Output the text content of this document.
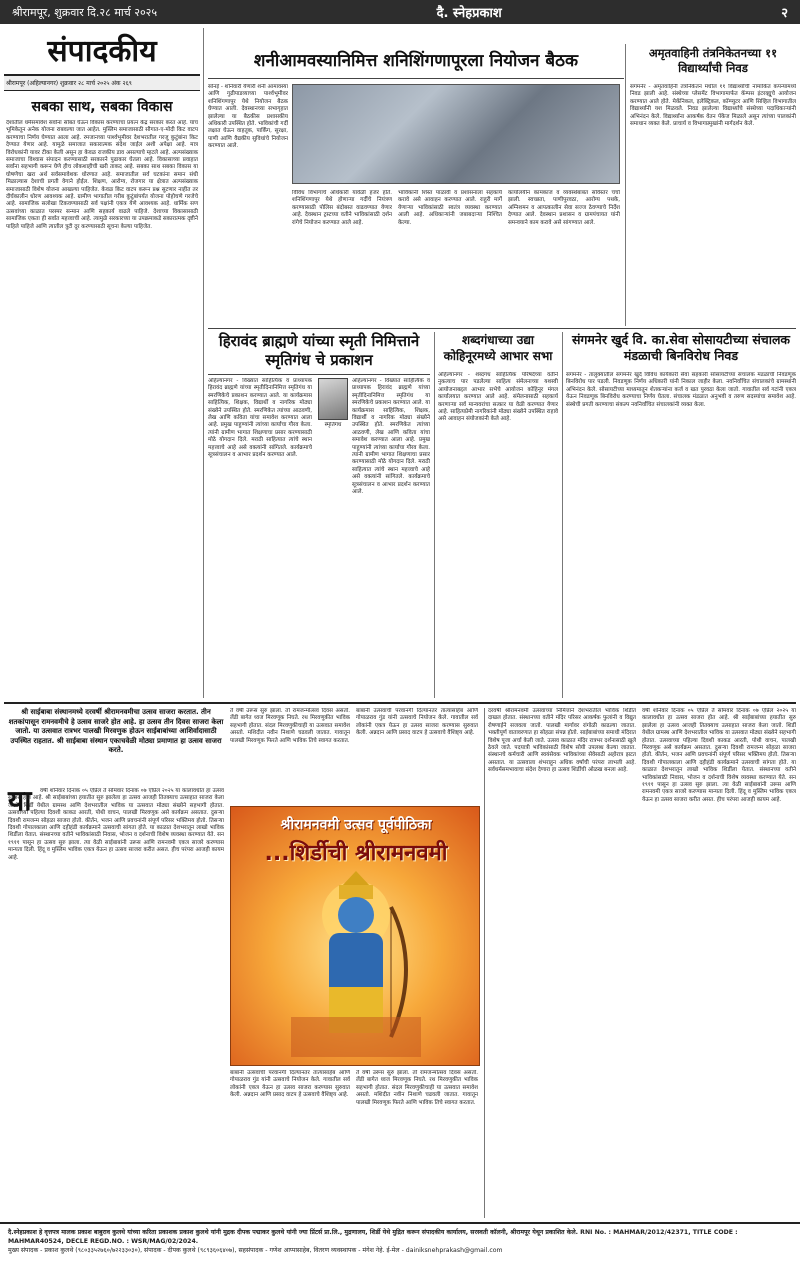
श्रीरामपूर, शुक्रवार दि.२८ मार्च २०२५	दै. स्नेहप्रकाश	२
संपादकीय
श्रीरामपूर (अहिल्यानगर) शुक्रवार २८ मार्च २०२५ अंक २६९
सबका साथ, सबका विकास
देशातील धर्मसमावेश सर्वांना सोबत घेऊन विकास करण्याचा प्रयत्न केंद्र सरकार करत आहे. याच भूमिकेतून अनेक योजना राबवल्या जात आहेत. मुस्लिम समाजासाठी सौगात-ए-मोदी किट वाटप करण्याचा निर्णय घेण्यात आला आहे. रमजानच्या पार्श्वभूमीवर देशभरातील गरजू कुटुंबांना किट देण्यात येणार आहे. यामुळे समाजात सकारात्मक संदेश जाईल अशी अपेक्षा आहे. मात्र विरोधकांनी यावर टीका केली असून हा केवळ राजकीय डाव असल्याचे म्हटले आहे. अल्पसंख्याक समाजाचा विश्वास संपादन करण्यासाठी सरकारने पुढाकार घेतला आहे. विकासाच्या प्रवाहात सर्वांना सहभागी करून घेणे हीच लोकशाहीची खरी ताकद आहे. सबका साथ सबका विकास या घोषणेचा खरा अर्थ सर्वसमावेशक धोरणात आहे. समाजातील सर्व घटकांना समान संधी मिळाल्यास देशाची प्रगती वेगाने होईल. शिक्षण, आरोग्य, रोजगार या क्षेत्रात अल्पसंख्याक समाजासाठी विशेष योजना आखल्या पाहिजेत. केवळ किट वाटप करून प्रश्न सुटणार नाहीत तर दीर्घकालीन धोरण आवश्यक आहे. ग्रामीण भागातील गरीब कुटुंबांपर्यंत योजना पोहोचणे गरजेचे आहे. सामाजिक सलोखा टिकवण्यासाठी सर्व पक्षांनी एकत्र येणे आवश्यक आहे. धार्मिक सण उत्सवांच्या काळात परस्पर सन्मान आणि सहकार्य वाढले पाहिजे. देशाच्या विकासासाठी सामाजिक एकता ही सर्वात महत्त्वाची आहे. त्यामुळे सरकारच्या या उपक्रमाकडे सकारात्मक दृष्टीने पाहिले पाहिजे आणि त्यातील त्रुटी दूर करण्यासाठी सूचना केल्या पाहिजेत.
शनीआमवस्यानिमित्त शनिशिंगणापूरला नियोजन बैठक
सोनई - शनिवारी येणारी शनी आमावस्या आणि गुढीपाडव्याच्या पार्श्वभूमीवर शनिशिंगणापूर येथे नियोजन बैठक घेण्यात आली. देवस्थानच्या सभागृहात झालेल्या या बैठकीस प्रशासकीय अधिकारी उपस्थित होते. भाविकांची गर्दी लक्षात घेऊन वाहतूक, पार्किंग, सुरक्षा, पाणी आणि वैद्यकीय सुविधांचे नियोजन करण्यात आले.
विविध विभागांचे अधिकारी यावेळी हजर होते. शनिशिंगणापूर येथे होणाऱ्या गर्दीचे नियंत्रण करण्यासाठी पोलिस बंदोबस्त वाढवण्यात येणार आहे. देवस्थान ट्रस्टच्या वतीने भाविकांसाठी दर्शन रांगेचे नियोजन करण्यात आले आहे.
भाविकांनी शिस्त पाळावी व प्रशासनाला सहकार्य करावे असे आवाहन करण्यात आले. राहुरी मार्गे येणाऱ्या भाविकांसाठी स्वतंत्र व्यवस्था करण्यात आली आहे. अधिकाऱ्यांनी जबाबदाऱ्या निश्चित केल्या.
कार्यालयीन कामकाज व व्यवस्थेबाबत सविस्तर चर्चा झाली. स्वच्छता, पाणीपुरवठा, आरोग्य पथके, अग्निशमन व आपत्कालीन सेवा सज्ज ठेवण्याचे निर्देश देण्यात आले. देवस्थान प्रशासन व ग्रामपंचायत यांनी समन्वयाने काम करावे असे सांगण्यात आले.
अमृतवाहिनी तंत्रनिकेतनच्या ११ विद्यार्थ्यांची निवड
संगमनेर - अमृतवाहिनी तंत्रनिकेतन मधील ११ विद्यार्थ्यांची नामांकित कंपन्यांमध्ये निवड झाली आहे. संस्थेच्या प्लेसमेंट विभागामार्फत कॅम्पस इंटरव्ह्यूचे आयोजन करण्यात आले होते. मेकॅनिकल, इलेक्ट्रिकल, कॉम्प्युटर आणि सिव्हिल विभागातील विद्यार्थ्यांनी यश मिळवले. निवड झालेल्या विद्यार्थ्यांचे संस्थेच्या पदाधिकाऱ्यांनी अभिनंदन केले. विद्यार्थ्यांना आकर्षक वेतन पॅकेज मिळाले असून त्यांच्या पालकांनी समाधान व्यक्त केले. प्राचार्य व विभागप्रमुखांनी मार्गदर्शन केले.
हिरावंद ब्राह्मणे यांच्या स्मृती निमित्ताने स्मृतिगंध चे प्रकाशन
अहिल्यानगर - विख्यात साहित्यिक व प्राध्यापक हिरावंद ब्राह्मणे यांच्या स्मृतीदिनानिमित्त स्मृतिगंध या स्मरणिकेचे प्रकाशन करण्यात आले. या कार्यक्रमास साहित्यिक, शिक्षक, विद्यार्थी व नागरिक मोठ्या संख्येने उपस्थित होते. स्मरणिकेत त्यांच्या आठवणी, लेख आणि कविता यांचा समावेश करण्यात आला आहे. प्रमुख पाहुण्यांनी त्यांच्या कार्याचा गौरव केला. त्यांनी ग्रामीण भागात शिक्षणाचा प्रसार करण्यासाठी मोठे योगदान दिले. मराठी साहित्यात त्यांचे स्थान महत्त्वाचे आहे असे वक्त्यांनी सांगितले. कार्यक्रमाचे सूत्रसंचालन व आभार प्रदर्शन करण्यात आले.
स्मृतिगंध
अहिल्यानगर - विख्यात साहित्यिक व प्राध्यापक हिरावंद ब्राह्मणे यांच्या स्मृतीदिनानिमित्त स्मृतिगंध या स्मरणिकेचे प्रकाशन करण्यात आले. या कार्यक्रमास साहित्यिक, शिक्षक, विद्यार्थी व नागरिक मोठ्या संख्येने उपस्थित होते. स्मरणिकेत त्यांच्या आठवणी, लेख आणि कविता यांचा समावेश करण्यात आला आहे. प्रमुख पाहुण्यांनी त्यांच्या कार्याचा गौरव केला. त्यांनी ग्रामीण भागात शिक्षणाचा प्रसार करण्यासाठी मोठे योगदान दिले. मराठी साहित्यात त्यांचे स्थान महत्त्वाचे आहे असे वक्त्यांनी सांगितले. कार्यक्रमाचे सूत्रसंचालन व आभार प्रदर्शन करण्यात आले.
शब्दगंधाच्या उद्या कोहिनूरमध्ये आभार सभा
अहिल्यानगर - शब्दगंध साहित्यिक परिषदेच्या वतीने नुकत्याच पार पडलेल्या साहित्य संमेलनाच्या यशस्वी आयोजनाबद्दल आभार सभेचे आयोजन कोहिनूर मंगल कार्यालयात करण्यात आले आहे. संमेलनासाठी सहकार्य करणाऱ्या सर्व मान्यवरांचा सत्कार या वेळी करण्यात येणार आहे. साहित्यप्रेमी नागरिकांनी मोठ्या संख्येने उपस्थित राहावे असे आवाहन संयोजकांनी केले आहे.
संगमनेर खुर्द वि. का.सेवा सोसायटीच्या संचालक मंडळाची बिनविरोध निवड
संगमनेर - तालुक्यातील संगमनेर खुर्द विविध कार्यकारी सेवा सहकारी सोसायटीच्या संचालक मंडळाची निवडणूक बिनविरोध पार पडली. निवडणूक निर्णय अधिकारी यांनी निकाल जाहीर केला. नवनिर्वाचित संचालकांचे ग्रामस्थांनी अभिनंदन केले. सोसायटीच्या माध्यमातून शेतकऱ्यांना कर्ज व खत पुरवठा केला जातो. गावातील सर्व गटांनी एकत्र येऊन निवडणूक बिनविरोध करण्याचा निर्णय घेतला. संचालक मंडळात अनुभवी व तरुण सदस्यांचा समावेश आहे. संस्थेची प्रगती करण्याचा संकल्प नवनिर्वाचित संचालकांनी व्यक्त केला.
श्री साईबाबा संस्थानमध्ये दरवर्षी श्रीरामनवमीचा उत्सव साजरा करतात. तीन शतकांपासून रामनवमीचे हे उत्सव साजरे होत आहे. हा उत्सव तीन दिवस साजरा केला जातो. या उत्सवात रात्रभर पालखी मिरवणुक होऊन साईबाबांच्या आशिर्वादासाठी उपस्थित राहतात. श्री साईबाबा संस्थान एकाचवेळी मोठ्या प्रमाणात हा उत्सव साजरा करते.
या	वर्षी शनिवार दिनांक ०५ एप्रिल ते सोमवार दिनांक ०७ एप्रिल २०२५ या कालावधीत हा उत्सव साजरा होत आहे. श्री साईबाबांच्या हयातीत सुरु झालेला हा उत्सव आजही तितक्याच उत्साहात साजरा केला जातो. शिर्डी येथील ग्रामस्थ आणि देशभरातील भाविक या उत्सवात मोठ्या संख्येने सहभागी होतात. उत्सवाच्या पहिल्या दिवशी काकड आरती, पोथी वाचन, पालखी मिरवणूक असे कार्यक्रम असतात. दुसऱ्या दिवशी रामजन्म सोहळा साजरा होतो. कीर्तन, भजन आणि प्रवचनांनी संपूर्ण परिसर भक्तिमय होतो. तिसऱ्या दिवशी गोपालकाला आणि दहीहंडी कार्यक्रमाने उत्सवाची सांगता होते. या काळात देशभरातून लाखो भाविक शिर्डीला येतात. संस्थानच्या वतीने भाविकांसाठी निवास, भोजन व दर्शनाची विशेष व्यवस्था करण्यात येते. सन १९११ पासून हा उत्सव सुरु झाला. त्या वेळी साईबाबांनी उरूस आणि रामनवमी एकत्र साजरे करण्यास मान्यता दिली. हिंदू व मुस्लिम भाविक एकत्र येऊन हा उत्सव साजरा करीत असत. हीच परंपरा आजही कायम आहे.
ते वर्षी उरूस सुरु झाला. तो रामजन्मोत्सव दिवस असतो. लेंडी बागेत ध्वज मिरवणूक निघते. रथ मिरवणुकीत भाविक सहभागी होतात. संदल मिरवणुकीचाही या उत्सवात समावेश असतो. मशिदीत नवीन निशाणे चढवली जातात. गावातून पालखी मिरवणूक फिरते आणि भाविक तिचे स्वागत करतात.
बाबांनी उत्सवाची परवानगी दिल्यानंतर तात्यासाहेब आणि गोपाळराव गुंड यांनी उत्सवाचे नियोजन केले. गावातील सर्व लोकांनी एकत्र येऊन हा उत्सव साजरा करण्यास सुरुवात केली. अन्नदान आणि प्रसाद वाटप हे उत्सवाचे वैशिष्ट्य आहे.
श्रीरामनवमी उत्सव पूर्वपीठिका
...शिर्डीची श्रीरामनवमी
बाबांनी उत्सवाची परवानगी दिल्यानंतर तात्यासाहेब आणि गोपाळराव गुंड यांनी उत्सवाचे नियोजन केले. गावातील सर्व लोकांनी एकत्र येऊन हा उत्सव साजरा करण्यास सुरुवात केली. अन्नदान आणि प्रसाद वाटप हे उत्सवाचे वैशिष्ट्य आहे.
ते वर्षी उरूस सुरु झाला. तो रामजन्मोत्सव दिवस असतो. लेंडी बागेत ध्वज मिरवणूक निघते. रथ मिरवणुकीत भाविक सहभागी होतात. संदल मिरवणुकीचाही या उत्सवात समावेश असतो. मशिदीत नवीन निशाणे चढवली जातात. गावातून पालखी मिरवणूक फिरते आणि भाविक तिचे स्वागत करतात.
दरवर्षी श्रीरामनवमी उत्सवाच्या निमित्ताने देशभरातील भाविक शिर्डीत दाखल होतात. संस्थानच्या वतीने मंदिर परिसर आकर्षक फुलांनी व विद्युत रोषणाईने सजवला जातो. पालखी मार्गावर रांगोळी काढल्या जातात. भक्तीपूर्ण वातावरणात हा सोहळा संपन्न होतो. साईबाबांच्या समाधी मंदिरात विशेष पूजा अर्चा केली जाते. उत्सव काळात मंदिर रात्रभर दर्शनासाठी खुले ठेवले जाते. पदयात्री भाविकांसाठी विशेष सोयी उपलब्ध केल्या जातात. संस्थानचे कर्मचारी आणि स्वयंसेवक भाविकांच्या सेवेसाठी अहोरात्र झटत असतात. या उत्सवाला शंभराहून अधिक वर्षांची परंपरा लाभली आहे. सर्वधर्मसमभावाचा संदेश देणारा हा उत्सव शिर्डीची ओळख बनला आहे.
वर्षी शनिवार दिनांक ०५ एप्रिल ते सोमवार दिनांक ०७ एप्रिल २०२५ या कालावधीत हा उत्सव साजरा होत आहे. श्री साईबाबांच्या हयातीत सुरु झालेला हा उत्सव आजही तितक्याच उत्साहात साजरा केला जातो. शिर्डी येथील ग्रामस्थ आणि देशभरातील भाविक या उत्सवात मोठ्या संख्येने सहभागी होतात. उत्सवाच्या पहिल्या दिवशी काकड आरती, पोथी वाचन, पालखी मिरवणूक असे कार्यक्रम असतात. दुसऱ्या दिवशी रामजन्म सोहळा साजरा होतो. कीर्तन, भजन आणि प्रवचनांनी संपूर्ण परिसर भक्तिमय होतो. तिसऱ्या दिवशी गोपालकाला आणि दहीहंडी कार्यक्रमाने उत्सवाची सांगता होते. या काळात देशभरातून लाखो भाविक शिर्डीला येतात. संस्थानच्या वतीने भाविकांसाठी निवास, भोजन व दर्शनाची विशेष व्यवस्था करण्यात येते. सन १९११ पासून हा उत्सव सुरु झाला. त्या वेळी साईबाबांनी उरूस आणि रामनवमी एकत्र साजरे करण्यास मान्यता दिली. हिंदू व मुस्लिम भाविक एकत्र येऊन हा उत्सव साजरा करीत असत. हीच परंपरा आजही कायम आहे.
दै.स्नेहप्रकाश हे वृत्तपत्र मालक प्रकाश बाबुराव कुलथे यांच्या करिता प्रकाशक प्रकाश कुलथे यांनी मुद्रक दीपक पद्माकर कुलथे यांनी ज्या प्रिंटर्स प्रा.लि., मुद्रणालय, शिर्डी येथे मुद्रित करून संपादकीय कार्यालय, सरस्वती कॉलनी, श्रीरामपूर येथून प्रकाशित केले. RNI No. : MAHMAR/2012/42371, TITLE CODE : MAHMAR40524, DECLE REGD.NO. : WSR/MAG/02/2024.
मुख्य संपादक - प्रकाश कुलथे (९८०३३५२७६०/७२२३३०३०), संपादक - दीपक कुलथे (९८९३६०६४०७), सहसंपादक - गणेश आप्पासाहेब, वितरण व्यवस्थापक - मंगेश नेहे. ई-मेल - dainiksnehprakash@gmail.com
